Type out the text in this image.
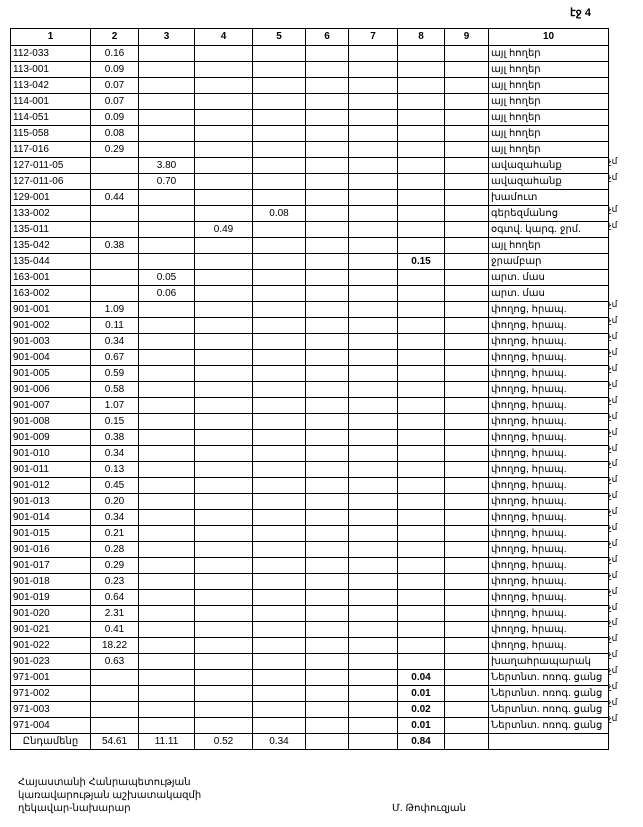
էջ 4
1	2	3	4	5	6	7	8	9	10
112-033	0.16								այլ հողեր
113-001	0.09								այլ հողեր
113-042	0.07								այլ հողեր
114-001	0.07								այլ հողեր
114-051	0.09								այլ հողեր
115-058	0.08								այլ հողեր
117-016	0.29								այլ հողեր
127-011-05		3.80							ավազահանք
127-011-06		0.70							ավազահանք
129-001	0.44								խամուտ
133-002				0.08					գերեզմանոց
135-011			0.49						օգտվ. կարգ. ջրմ.
135-042	0.38								այլ հողեր
135-044							0.15		ջրամբար
163-001		0.05							արտ. մաս
163-002		0.06							արտ. մաս
901-001	1.09								փողոց, հրապ.
901-002	0.11								փողոց, հրապ.
901-003	0.34								փողոց, հրապ.
901-004	0.67								փողոց, հրապ.
901-005	0.59								փողոց, հրապ.
901-006	0.58								փողոց, հրապ.
901-007	1.07								փողոց, հրապ.
901-008	0.15								փողոց, հրապ.
901-009	0.38								փողոց, հրապ.
901-010	0.34								փողոց, հրապ.
901-011	0.13								փողոց, հրապ.
901-012	0.45								փողոց, հրապ.
901-013	0.20								փողոց, հրապ.
901-014	0.34								փողոց, հրապ.
901-015	0.21								փողոց, հրապ.
901-016	0.28								փողոց, հրապ.
901-017	0.29								փողոց, հրապ.
901-018	0.23								փողոց, հրապ.
901-019	0.64								փողոց, հրապ.
901-020	2.31								փողոց, հրապ.
901-021	0.41								փողոց, հրապ.
901-022	18.22								փողոց, հրապ.
901-023	0.63								խաղահրապարակ
971-001							0.04		Ներտնտ. ոռոգ. ցանց
971-002							0.01		Ներտնտ. ոռոգ. ցանց
971-003							0.02		Ներտնտ. ոռոգ. ցանց
971-004							0.01		Ներտնտ. ոռոգ. ցանց
Ընդամենը	54.61	11.11	0.52	0.34			0.84		
Հայաստանի Հանրապետության
կառավարության աշխատակազմի
ղեկավար-նախարար	Մ. Թոփուզյան
չմ
չմ
չմ
չմ
չմ
չմ
չմ
չմ
չմ
չմ
չմ
չմ
չմ
չմ
չմ
չմ
չմ
չմ
չմ
չմ
չմ
չմ
չմ
չմ
չմ
չմ
չմ
չմ
չմ
չմ
չմ
